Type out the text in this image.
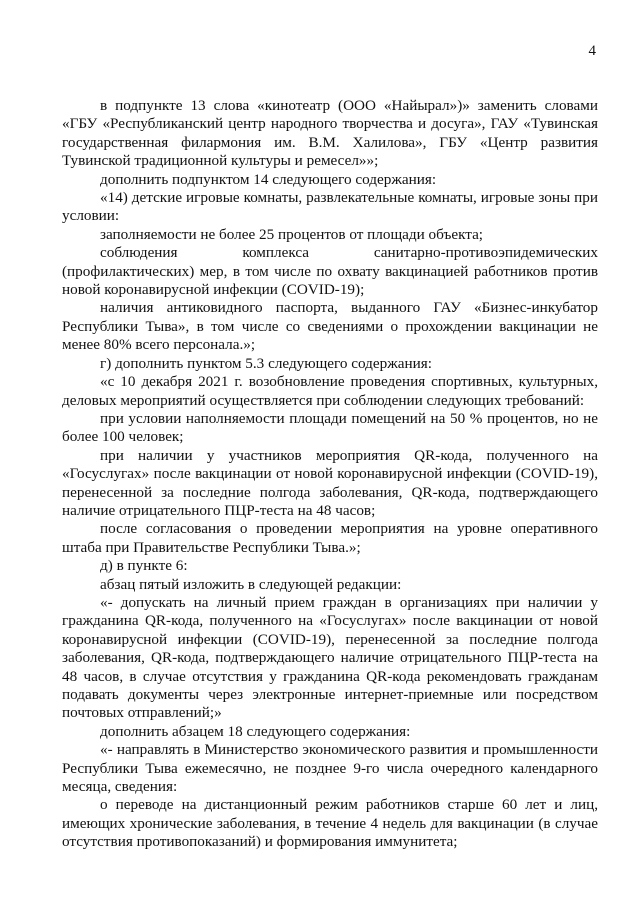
4

в подпункте 13 слова «кинотеатр (ООО «Найырал»)» заменить словами «ГБУ «Республиканский центр народного творчества и досуга», ГАУ «Тувинская государственная филармония им. В.М. Халилова», ГБУ «Центр развития Тувинской традиционной культуры и ремесел»»;

дополнить подпунктом 14 следующего содержания:

«14) детские игровые комнаты, развлекательные комнаты, игровые зоны при условии:

заполняемости не более 25 процентов от площади объекта;

соблюдения комплекса санитарно-противоэпидемических (профилактических) мер, в том числе по охвату вакцинацией работников против новой коронавирусной инфекции (COVID-19);

наличия антиковидного паспорта, выданного ГАУ «Бизнес-инкубатор Республики Тыва», в том числе со сведениями о прохождении вакцинации не менее 80% всего персонала.»;

г) дополнить пунктом 5.3 следующего содержания:

«с 10 декабря 2021 г. возобновление проведения спортивных, культурных, деловых мероприятий осуществляется при соблюдении следующих требований:

при условии наполняемости площади помещений на 50 % процентов, но не более 100 человек;

при наличии у участников мероприятия QR-кода, полученного на «Госуслугах» после вакцинации от новой коронавирусной инфекции (COVID-19), перенесенной за последние полгода заболевания, QR-кода, подтверждающего наличие отрицательного ПЦР-теста на 48 часов;

после согласования о проведении мероприятия на уровне оперативного штаба при Правительстве Республики Тыва.»;

д) в пункте 6:

абзац пятый изложить в следующей редакции:

«- допускать на личный прием граждан в организациях при наличии у гражданина QR-кода, полученного на «Госуслугах» после вакцинации от новой коронавирусной инфекции (COVID-19), перенесенной за последние полгода заболевания, QR-кода, подтверждающего наличие отрицательного ПЦР-теста на 48 часов, в случае отсутствия у гражданина QR-кода рекомендовать гражданам подавать документы через электронные интернет-приемные или посредством почтовых отправлений;»

дополнить абзацем 18 следующего содержания:

«- направлять в Министерство экономического развития и промышленности Республики Тыва ежемесячно, не позднее 9-го числа очередного календарного месяца, сведения:

о переводе на дистанционный режим работников старше 60 лет и лиц, имеющих хронические заболевания, в течение 4 недель для вакцинации (в случае отсутствия противопоказаний) и формирования иммунитета;
